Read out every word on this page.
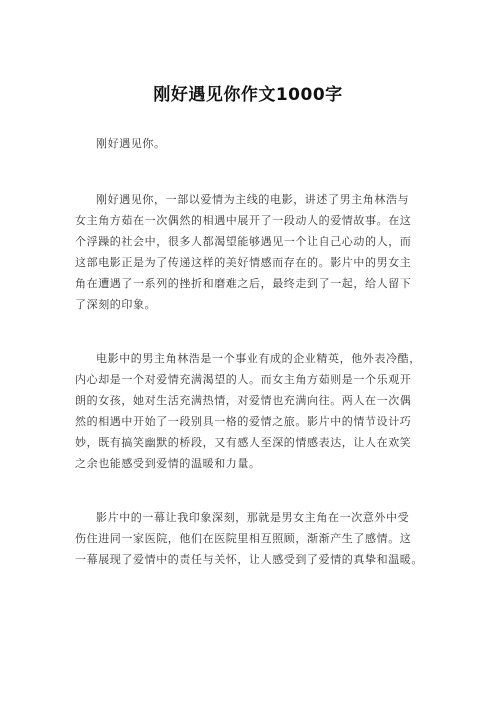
刚好遇见你作文1000字
刚好遇见你。
刚好遇见你，一部以爱情为主线的电影，讲述了男主角林浩与
女主角方茹在一次偶然的相遇中展开了一段动人的爱情故事。在这
个浮躁的社会中，很多人都渴望能够遇见一个让自己心动的人，而
这部电影正是为了传递这样的美好情感而存在的。影片中的男女主
角在遭遇了一系列的挫折和磨难之后，最终走到了一起，给人留下
了深刻的印象。
电影中的男主角林浩是一个事业有成的企业精英，他外表冷酷，
内心却是一个对爱情充满渴望的人。而女主角方茹则是一个乐观开
朗的女孩，她对生活充满热情，对爱情也充满向往。两人在一次偶
然的相遇中开始了一段别具一格的爱情之旅。影片中的情节设计巧
妙，既有搞笑幽默的桥段，又有感人至深的情感表达，让人在欢笑
之余也能感受到爱情的温暖和力量。
影片中的一幕让我印象深刻，那就是男女主角在一次意外中受
伤住进同一家医院，他们在医院里相互照顾，渐渐产生了感情。这
一幕展现了爱情中的责任与关怀，让人感受到了爱情的真挚和温暖。
